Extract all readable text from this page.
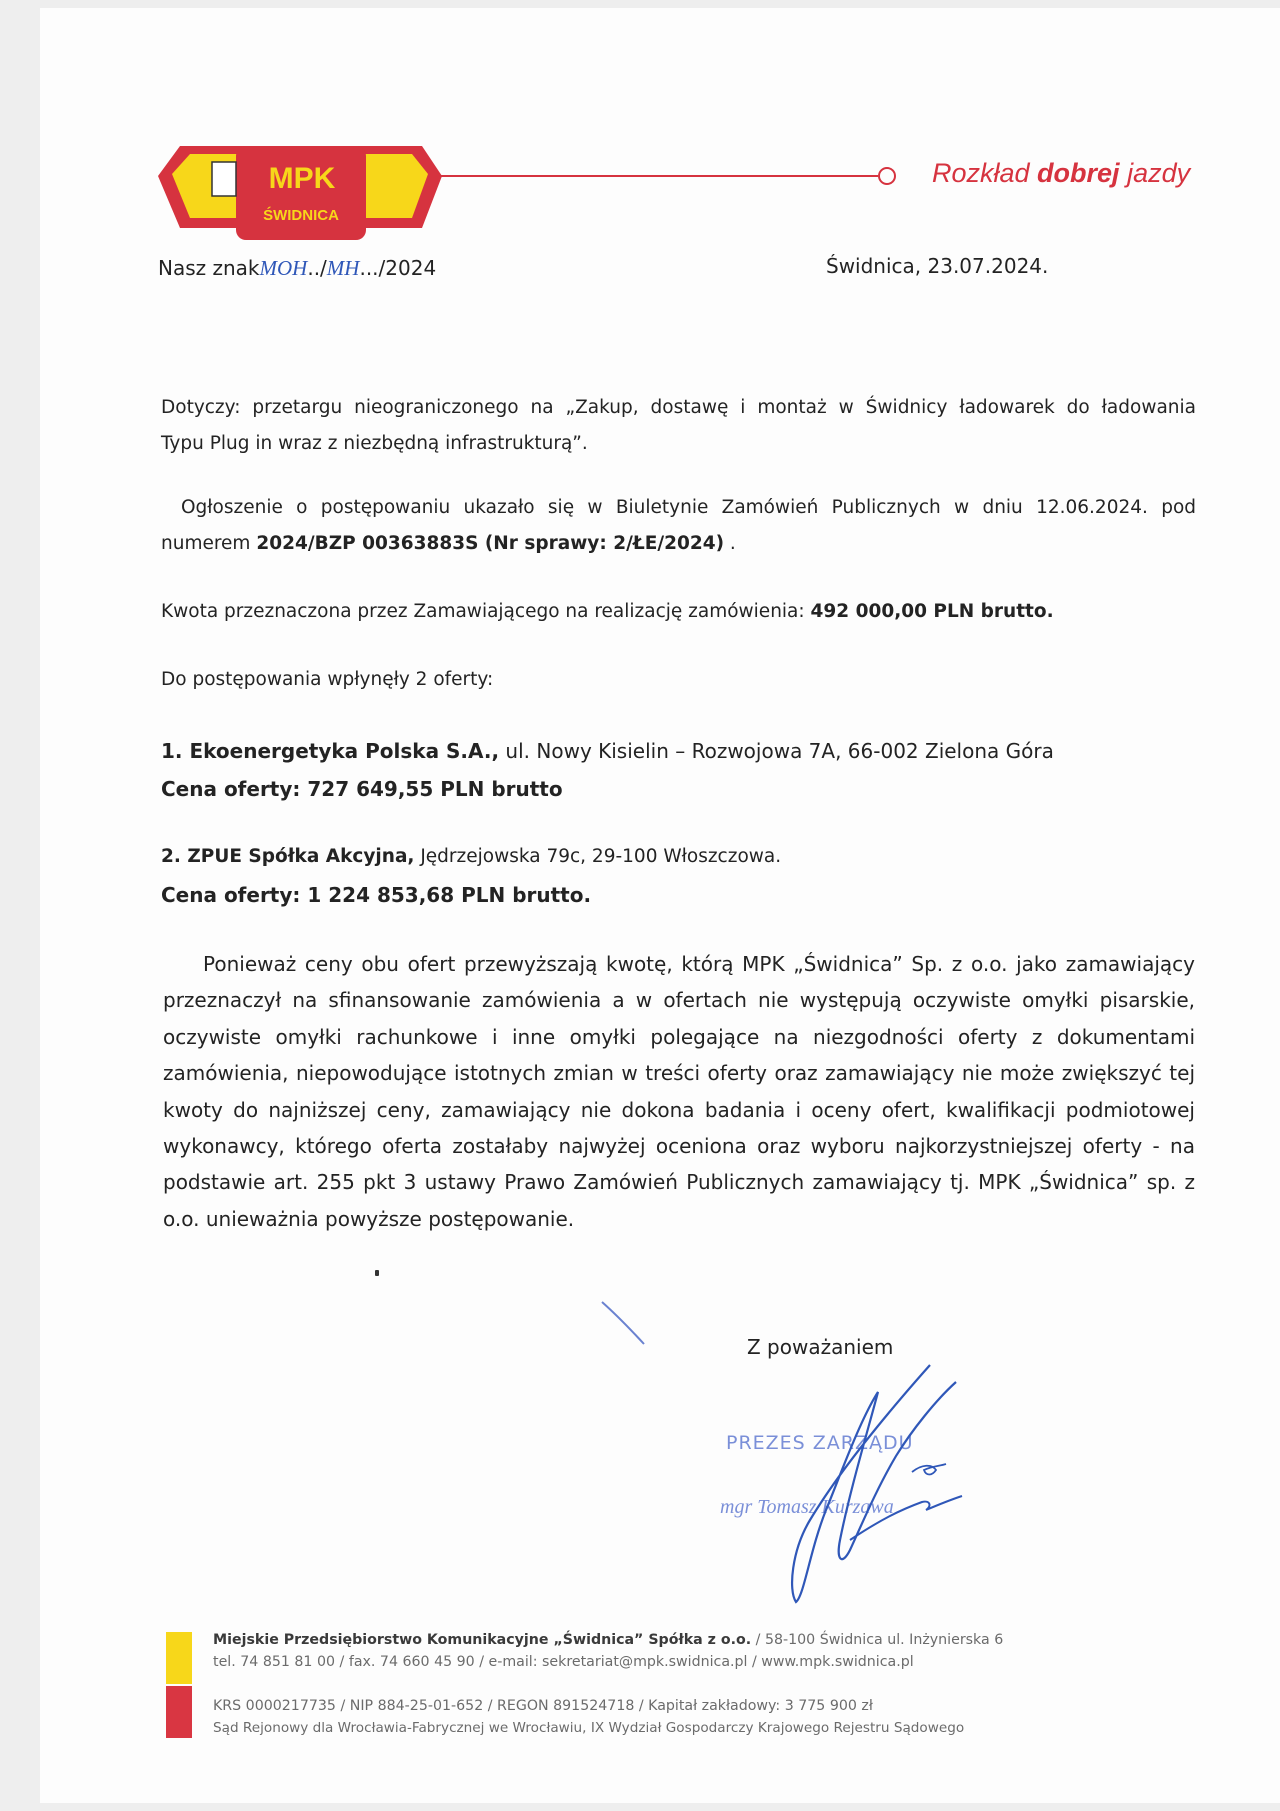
MPK
ŚWIDNICA
Rozkład dobrej jazdy
Nasz znakMOH../MH.../2024	Świdnica, 23.07.2024.
Dotyczy: przetargu nieograniczonego na „Zakup, dostawę i montaż w Świdnicy ładowarek do ładowania
Typu Plug in wraz z niezbędną infrastrukturą”.
Ogłoszenie o postępowaniu ukazało się w Biuletynie Zamówień Publicznych w dniu 12.06.2024. pod
numerem 2024/BZP 00363883S (Nr sprawy: 2/ŁE/2024) .
Kwota przeznaczona przez Zamawiającego na realizację zamówienia: 492 000,00 PLN brutto.
Do postępowania wpłynęły 2 oferty:
1. Ekoenergetyka Polska S.A., ul. Nowy Kisielin – Rozwojowa 7A, 66-002 Zielona Góra
Cena oferty: 727 649,55 PLN brutto
2. ZPUE Spółka Akcyjna, Jędrzejowska 79c, 29-100 Włoszczowa.
Cena oferty: 1 224 853,68 PLN brutto.
Ponieważ ceny obu ofert przewyższają kwotę, którą MPK „Świdnica” Sp. z o.o. jako zamawiający przeznaczył na sfinansowanie zamówienia a w ofertach nie występują oczywiste omyłki pisarskie, oczywiste omyłki rachunkowe i inne omyłki polegające na niezgodności oferty z dokumentami zamówienia, niepowodujące istotnych zmian w treści oferty oraz zamawiający nie może zwiększyć tej kwoty do najniższej ceny, zamawiający nie dokona badania i oceny ofert, kwalifikacji podmiotowej wykonawcy, którego oferta zostałaby najwyżej oceniona oraz wyboru najkorzystniejszej oferty - na podstawie art. 255 pkt 3 ustawy Prawo Zamówień Publicznych zamawiający tj. MPK „Świdnica” sp. z o.o. unieważnia powyższe postępowanie.
Z poważaniem
PREZES ZARZĄDU
mgr Tomasz Kurzawa
Miejskie Przedsiębiorstwo Komunikacyjne „Świdnica” Spółka z o.o. / 58-100 Świdnica ul. Inżynierska 6
tel. 74 851 81 00 / fax. 74 660 45 90 / e-mail: sekretariat@mpk.swidnica.pl / www.mpk.swidnica.pl
KRS 0000217735 / NIP 884-25-01-652 / REGON 891524718 / Kapitał zakładowy: 3 775 900 zł
Sąd Rejonowy dla Wrocławia-Fabrycznej we Wrocławiu, IX Wydział Gospodarczy Krajowego Rejestru Sądowego
